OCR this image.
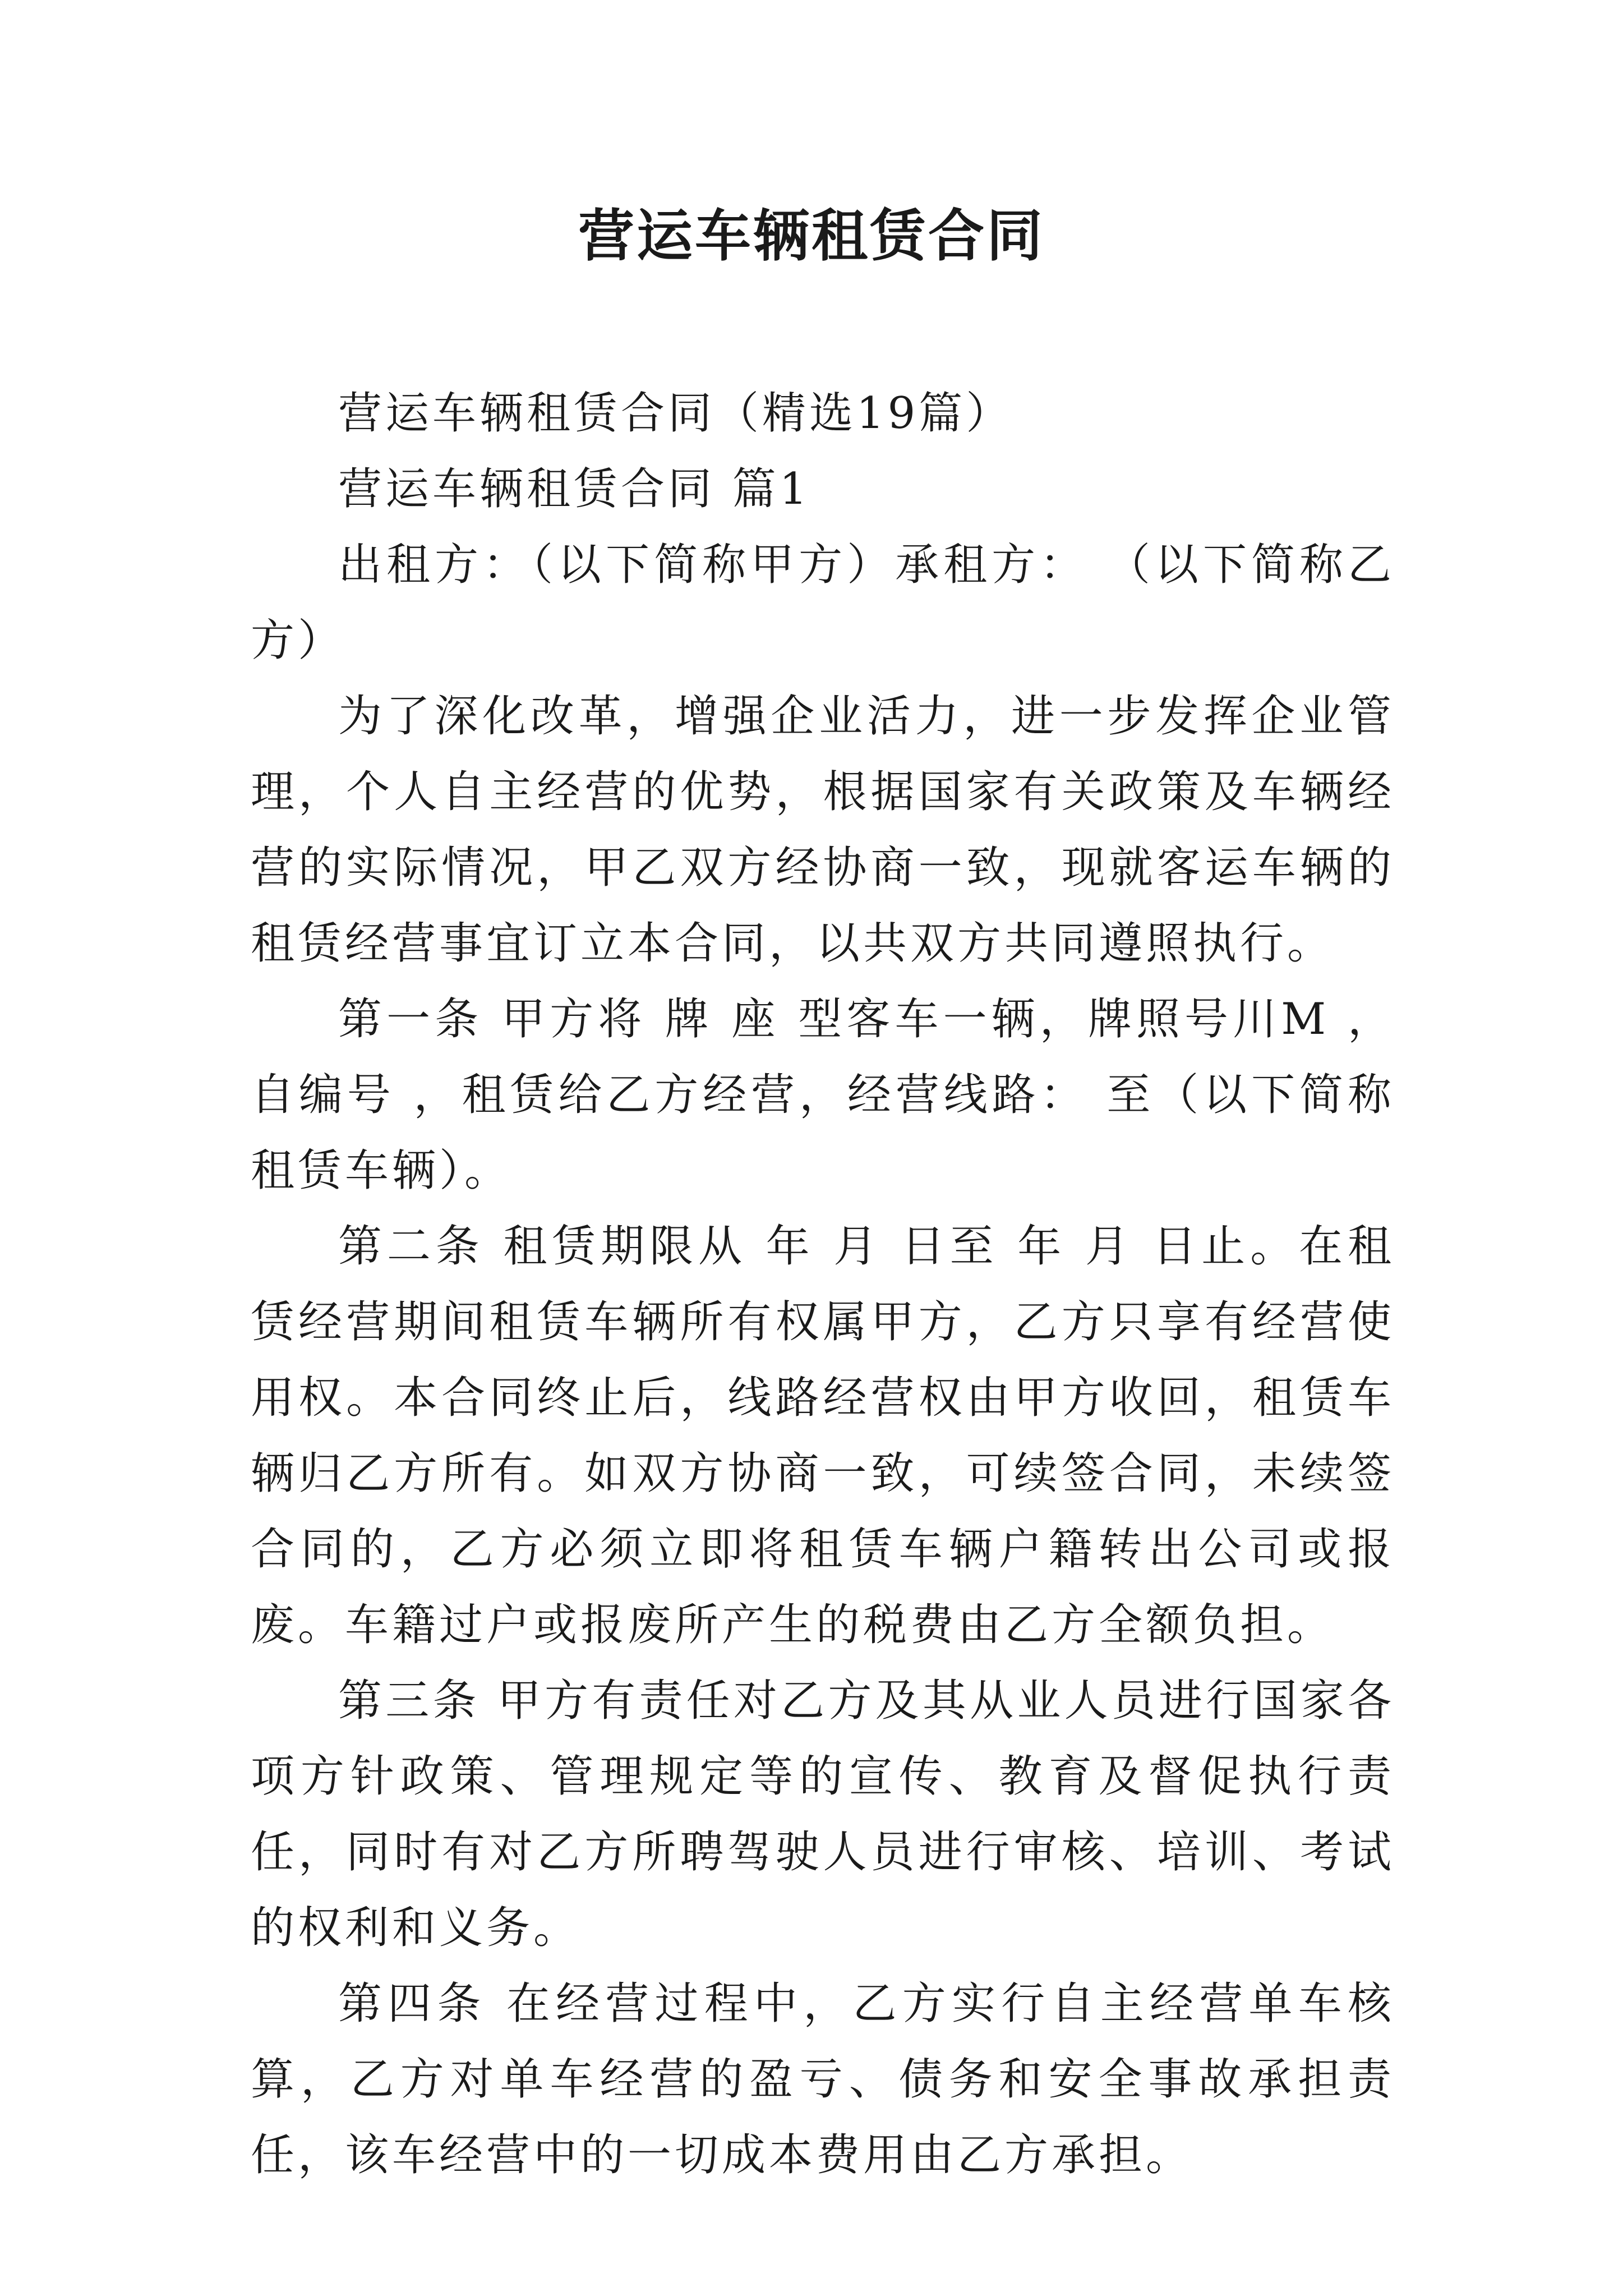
营运车辆租赁合同

营运车辆租赁合同（精选19篇）

营运车辆租赁合同 篇1

出租方：（以下简称甲方）承租方： （以下简称乙方）

为了深化改革，增强企业活力，进一步发挥企业管理，个人自主经营的优势，根据国家有关政策及车辆经营的实际情况，甲乙双方经协商一致，现就客运车辆的租赁经营事宜订立本合同，以共双方共同遵照执行。

第一条 甲方将 牌 座 型客车一辆，牌照号川M ，自编号 ，租赁给乙方经营，经营线路： 至（以下简称租赁车辆）。

第二条 租赁期限从 年 月 日至 年 月 日止。在租赁经营期间租赁车辆所有权属甲方，乙方只享有经营使用权。本合同终止后，线路经营权由甲方收回，租赁车辆归乙方所有。如双方协商一致，可续签合同，未续签合同的，乙方必须立即将租赁车辆户籍转出公司或报废。车籍过户或报废所产生的税费由乙方全额负担。

第三条 甲方有责任对乙方及其从业人员进行国家各项方针政策、管理规定等的宣传、教育及督促执行责任，同时有对乙方所聘驾驶人员进行审核、培训、考试的权利和义务。

第四条 在经营过程中，乙方实行自主经营单车核算，乙方对单车经营的盈亏、债务和安全事故承担责任，该车经营中的一切成本费用由乙方承担。
